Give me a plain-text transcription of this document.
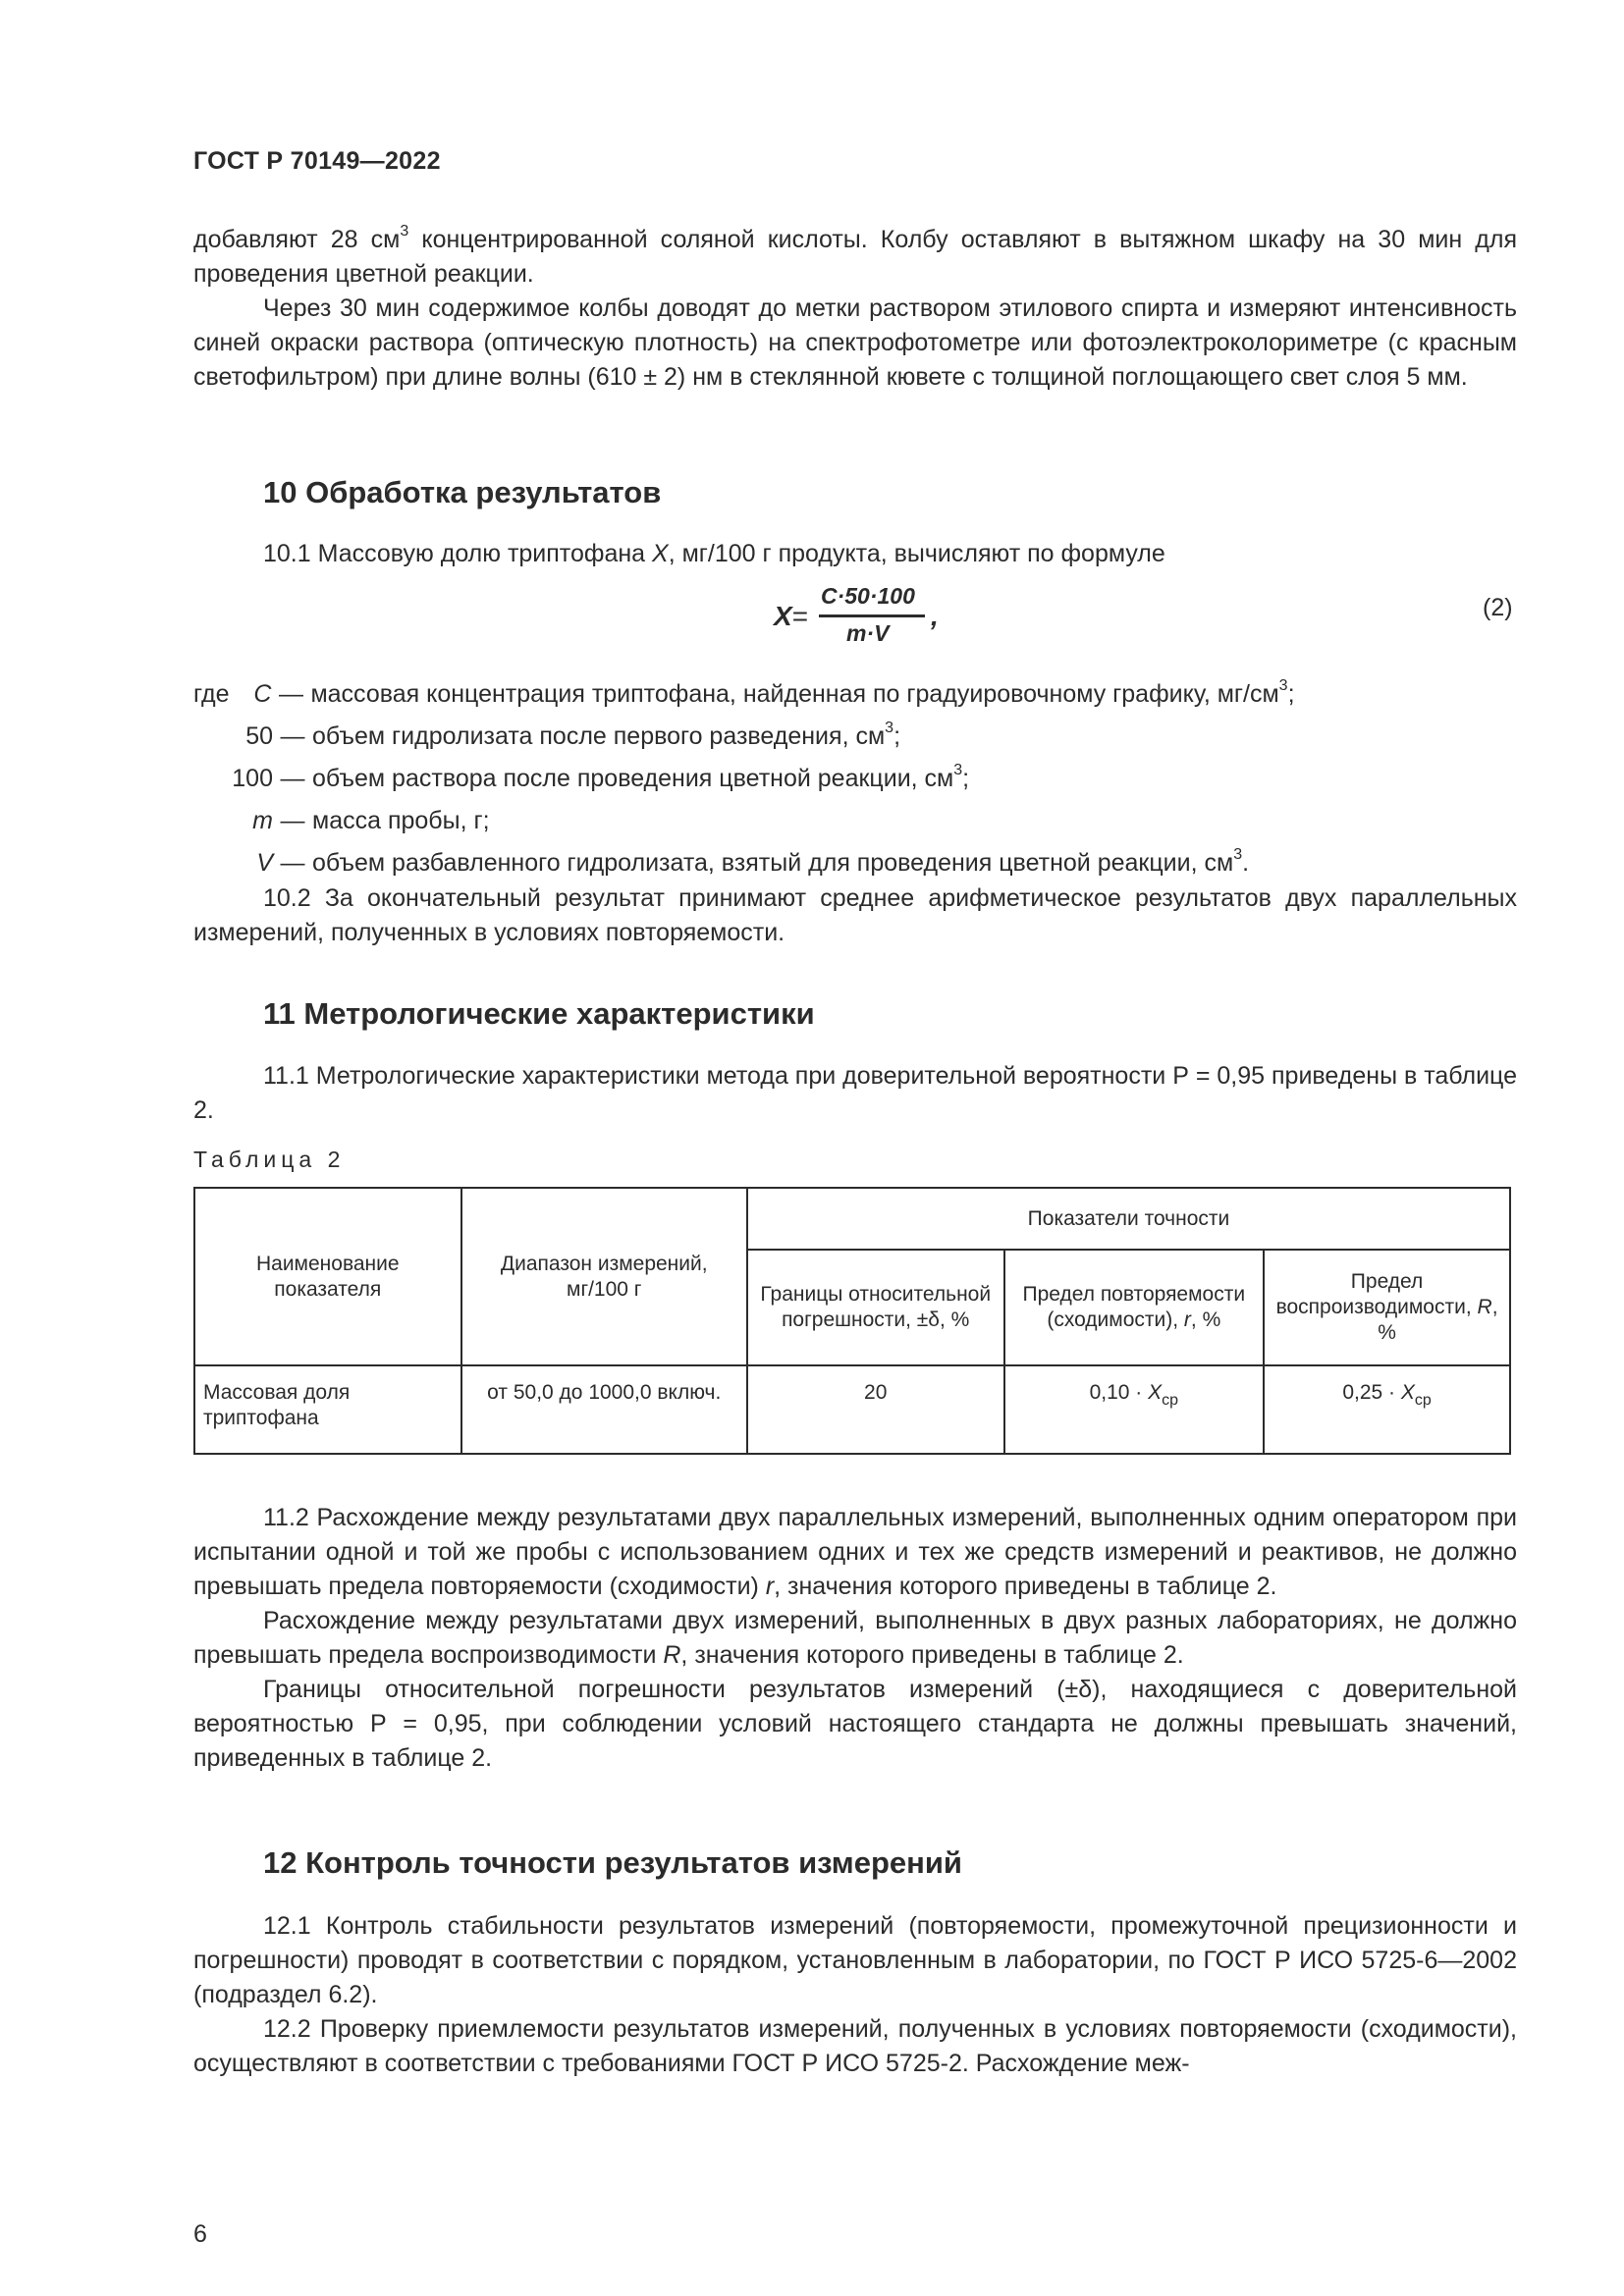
ГОСТ Р 70149—2022

добавляют 28 $см^3$ концентрированной соляной кислоты. Колбу оставляют в вытяжном шкафу на 30 мин для проведения цветной реакции.

Через 30 мин содержимое колбы доводят до метки раствором этилового спирта и измеряют интенсивность синей окраски раствора (оптическую плотность) на спектрофотометре или фотоэлектроколориметре (с красным светофильтром) при длине волны (610 ± 2) нм в стеклянной кювете с толщиной поглощающего свет слоя 5 мм.

10 Обработка результатов

10.1 Массовую долю триптофана X, мг/100 г продукта, вычисляют по формуле

X=
C·50·100
m·V
,	(2)
где C — массовая концентрация триптофана, найденная по градуировочному графику, $мг/см^3$;
50 — объем гидролизата после первого разведения, $см^3$;
100 — объем раствора после проведения цветной реакции, $см^3$;
m — масса пробы, г;
V — объем разбавленного гидролизата, взятый для проведения цветной реакции, $см^3$.

10.2 За окончательный результат принимают среднее арифметическое результатов двух параллельных измерений, полученных в условиях повторяемости.

11 Метрологические характеристики

11.1 Метрологические характеристики метода при доверительной вероятности Р = 0,95 приведены в таблице 2.

Таблица 2
Наименование показателя	Диапазон измерений, мг/100 г	Показатели точности		
		Границы относительной погрешности, ±δ, %	Предел повторяемости (сходимости), r, %	Предел воспроизводимости, R, %
Массовая доля триптофана	от 50,0 до 1000,0 включ.	20	$0,10 \cdot X_{ср}$	$0,25 \cdot X_{ср}$

11.2 Расхождение между результатами двух параллельных измерений, выполненных одним оператором при испытании одной и той же пробы с использованием одних и тех же средств измерений и реактивов, не должно превышать предела повторяемости (сходимости) r, значения которого приведены в таблице 2.

Расхождение между результатами двух измерений, выполненных в двух разных лабораториях, не должно превышать предела воспроизводимости R, значения которого приведены в таблице 2.

Границы относительной погрешности результатов измерений (±δ), находящиеся с доверительной вероятностью Р = 0,95, при соблюдении условий настоящего стандарта не должны превышать значений, приведенных в таблице 2.

12 Контроль точности результатов измерений

12.1 Контроль стабильности результатов измерений (повторяемости, промежуточной прецизионности и погрешности) проводят в соответствии с порядком, установленным в лаборатории, по ГОСТ Р ИСО 5725-6—2002 (подраздел 6.2).

12.2 Проверку приемлемости результатов измерений, полученных в условиях повторяемости (сходимости), осуществляют в соответствии с требованиями ГОСТ Р ИСО 5725-2. Расхождение меж-

6
